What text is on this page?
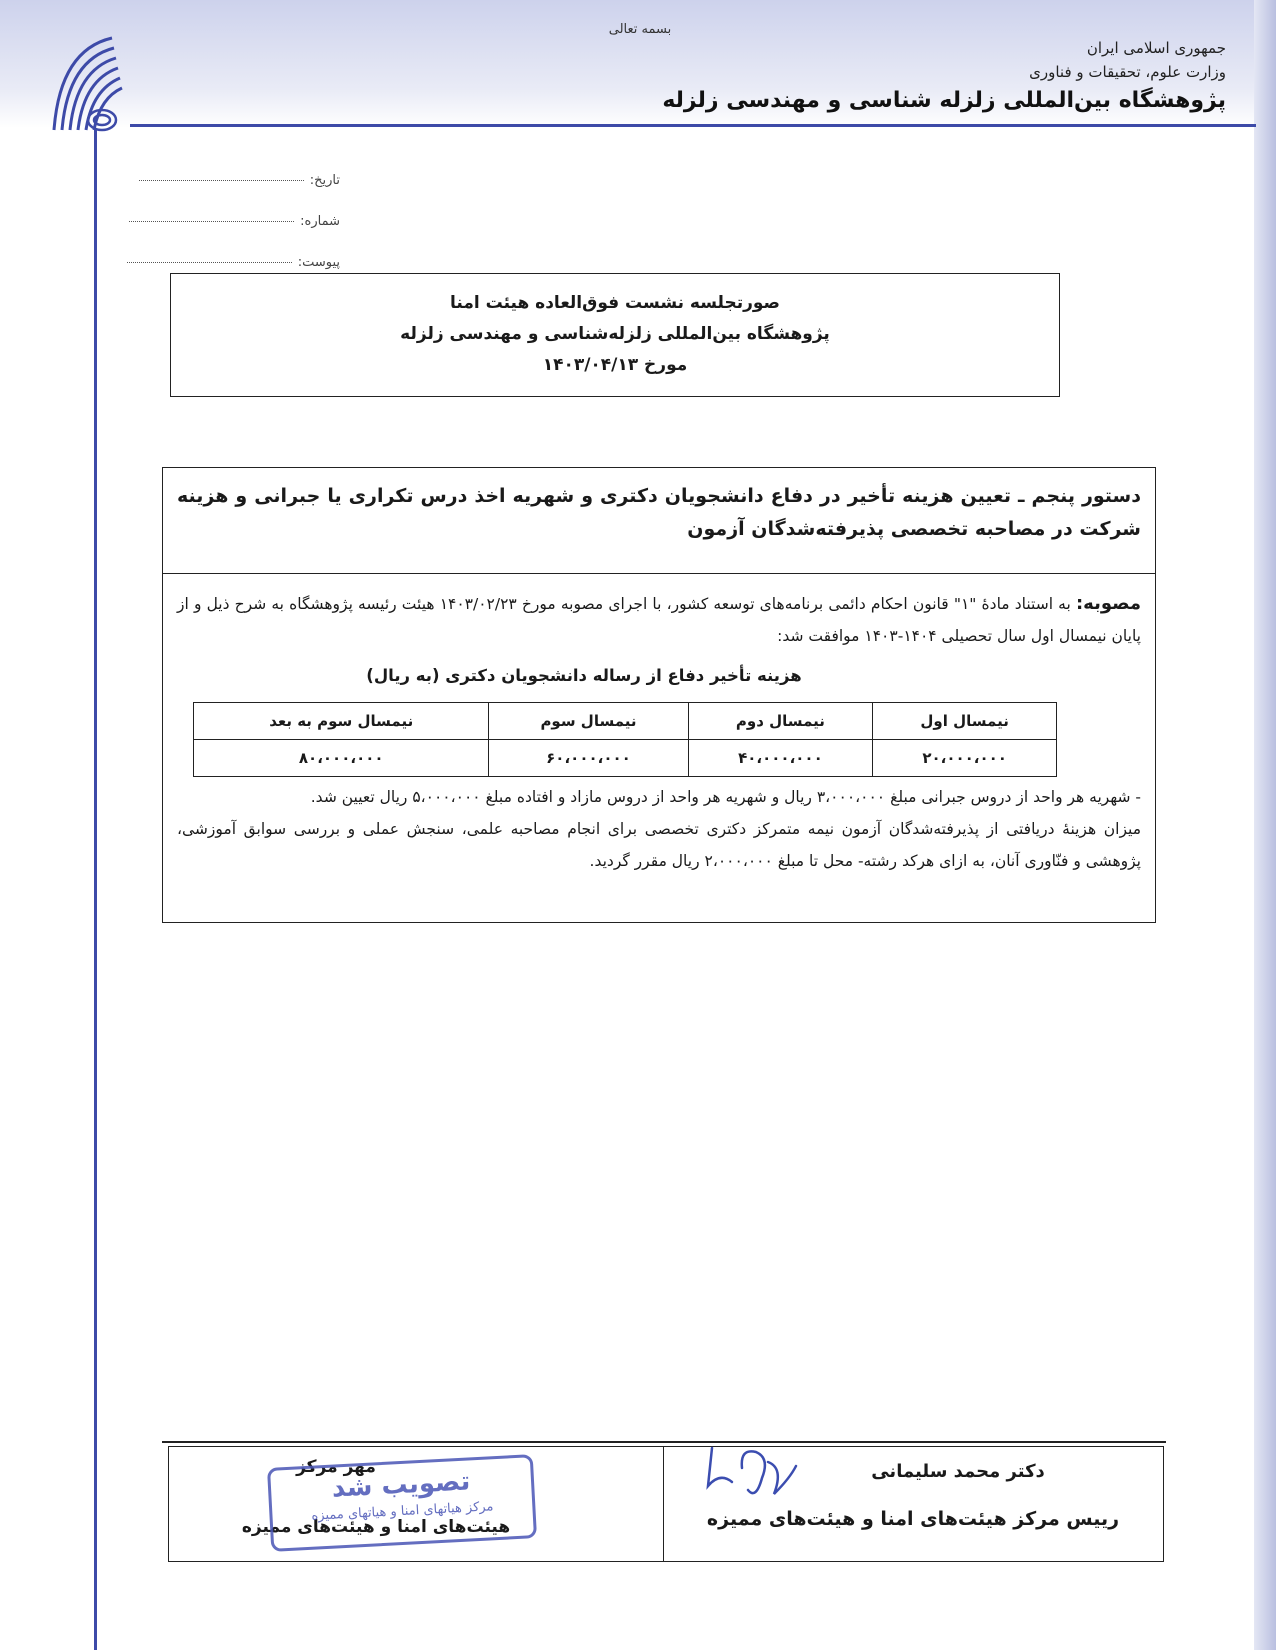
بسمه تعالی
جمهوری اسلامی ایران
وزارت علوم، تحقیقات و فناوری
پژوهشگاه بین‌المللی زلزله شناسی و مهندسی زلزله
تاریخ:
شماره:
پیوست:
صورتجلسه نشست فوق‌العاده هیئت امنا
پژوهشگاه بین‌المللی زلزله‌شناسی و مهندسی زلزله
مورخ ۱۴۰۳/۰۴/۱۳
دستور پنجم ـ تعیین هزینه تأخیر در دفاع دانشجویان دکتری و شهریه اخذ درس تکراری یا جبرانی و هزینه شرکت در مصاحبه تخصصی پذیرفته‌شدگان آزمون
مصوبه: به استناد مادۀ "۱" قانون احکام دائمی برنامه‌های توسعه کشور، با اجرای مصوبه مورخ ۱۴۰۳/۰۲/۲۳ هیئت رئیسه پژوهشگاه به شرح ذیل و از پایان نیمسال اول سال تحصیلی ۱۴۰۴-۱۴۰۳ موافقت شد:
هزینه تأخیر دفاع از رساله دانشجویان دکتری (به ریال)
نیمسال اول	نیمسال دوم	نیمسال سوم	نیمسال سوم به بعد
۲۰،۰۰۰،۰۰۰	۴۰،۰۰۰،۰۰۰	۶۰،۰۰۰،۰۰۰	۸۰،۰۰۰،۰۰۰
- شهریه هر واحد از دروس جبرانی مبلغ ۳،۰۰۰،۰۰۰ ریال و شهریه هر واحد از دروس مازاد و افتاده مبلغ ۵،۰۰۰،۰۰۰ ریال تعیین شد.
میزان هزینۀ دریافتی از پذیرفته‌شدگان آزمون نیمه متمرکز دکتری تخصصی برای انجام مصاحبه علمی، سنجش عملی و بررسی سوابق آموزشی، پژوهشی و فنّاوری آنان، به ازای هرکد رشته- محل تا مبلغ ۲،۰۰۰،۰۰۰ ریال مقرر گردید.
دکتر محمد سلیمانی
رییس مرکز هیئت‌های امنا و هیئت‌های ممیزه
مهر مرکز
هیئت‌های امنا و هیئت‌های ممیزه
تصویب شد
مرکز هیاتهای امنا و هیاتهای ممیزه
